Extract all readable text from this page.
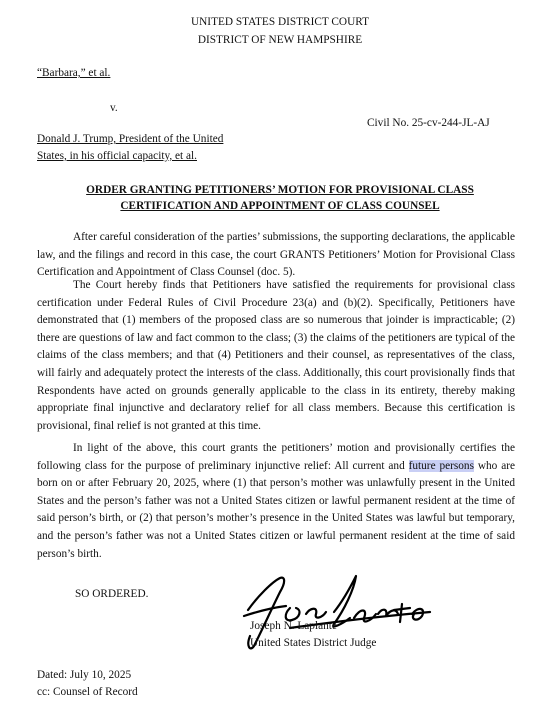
UNITED STATES DISTRICT COURT
DISTRICT OF NEW HAMPSHIRE
“Barbara,” et al.
v.
Civil No. 25-cv-244-JL-AJ
Donald J. Trump, President of the United
States, in his official capacity, et al.
ORDER GRANTING PETITIONERS’ MOTION FOR PROVISIONAL CLASS
CERTIFICATION AND APPOINTMENT OF CLASS COUNSEL

After careful consideration of the parties’ submissions, the supporting declarations, the applicable law, and the filings and record in this case, the court GRANTS Petitioners’ Motion for Provisional Class Certification and Appointment of Class Counsel (doc. 5).

The Court hereby finds that Petitioners have satisfied the requirements for provisional class certification under Federal Rules of Civil Procedure 23(a) and (b)(2). Specifically, Petitioners have demonstrated that (1) members of the proposed class are so numerous that joinder is impracticable; (2) there are questions of law and fact common to the class; (3) the claims of the petitioners are typical of the claims of the class members; and that (4) Petitioners and their counsel, as representatives of the class, will fairly and adequately protect the interests of the class. Additionally, this court provisionally finds that Respondents have acted on grounds generally applicable to the class in its entirety, thereby making appropriate final injunctive and declaratory relief for all class members. Because this certification is provisional, final relief is not granted at this time.

In light of the above, this court grants the petitioners’ motion and provisionally certifies the following class for the purpose of preliminary injunctive relief: All current and future persons who are born on or after February 20, 2025, where (1) that person’s mother was unlawfully present in the United States and the person’s father was not a United States citizen or lawful permanent resident at the time of said person’s birth, or (2) that person’s mother’s presence in the United States was lawful but temporary, and the person’s father was not a United States citizen or lawful permanent resident at the time of said person’s birth.

SO ORDERED.
Joseph N. Laplante
United States District Judge
Dated: July 10, 2025
cc: Counsel of Record
